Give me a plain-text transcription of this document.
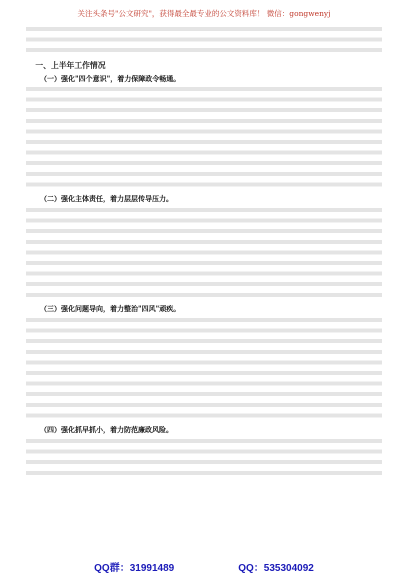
关注头条号"公文研究"，获得最全最专业的公文资料库！ 微信：gongwenyj

一、上半年工作情况

（一）强化"四个意识"，着力保障政令畅通。

（二）强化主体责任，着力层层传导压力。

（三）强化问题导向，着力整治"四风"顽疾。

（四）强化抓早抓小，着力防范廉政风险。

QQ群：31991489	QQ：535304092
